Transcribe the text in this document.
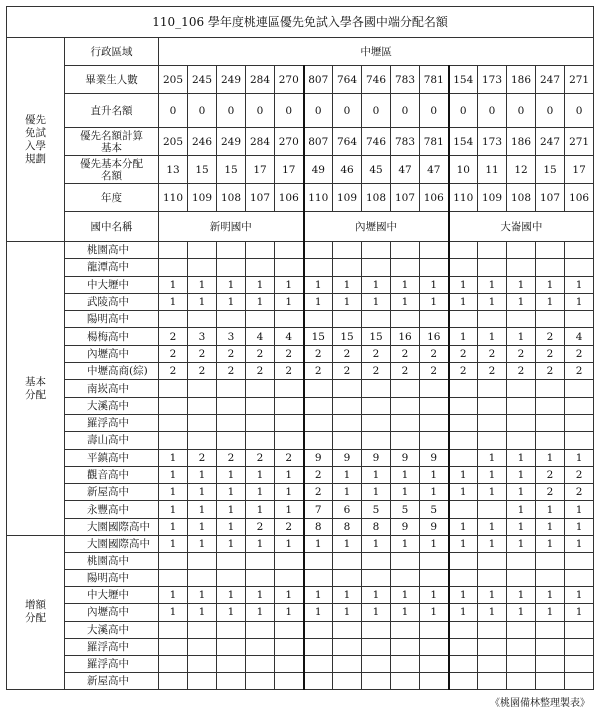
110_106 學年度桃連區優先免試入學各國中端分配名額																
優先免試入學規劃	行政區域	中壢區														
	畢業生人數	205	245	249	284	270	807	764	746	783	781	154	173	186	247	271
	直升名額	0	0	0	0	0	0	0	0	0	0	0	0	0	0	0
	優先名額計算基本	205	246	249	284	270	807	764	746	783	781	154	173	186	247	271
	優先基本分配名額	13	15	15	17	17	49	46	45	47	47	10	11	12	15	17
	年度	110	109	108	107	106	110	109	108	107	106	110	109	108	107	106
	國中名稱	新明國中					內壢國中					大崙國中				
基本分配	桃園高中															
	龍潭高中															
	中大壢中	1	1	1	1	1	1	1	1	1	1	1	1	1	1	1
	武陵高中	1	1	1	1	1	1	1	1	1	1	1	1	1	1	1
	陽明高中															
	楊梅高中	2	3	3	4	4	15	15	15	16	16	1	1	1	2	4
	內壢高中	2	2	2	2	2	2	2	2	2	2	2	2	2	2	2
	中壢高商(綜)	2	2	2	2	2	2	2	2	2	2	2	2	2	2	2
	南崁高中															
	大溪高中															
	羅浮高中															
	壽山高中															
	平鎮高中	1	2	2	2	2	9	9	9	9	9		1	1	1	1
	觀音高中	1	1	1	1	1	2	1	1	1	1	1	1	1	2	2
	新屋高中	1	1	1	1	1	2	1	1	1	1	1	1	1	2	2
	永豐高中	1	1	1	1	1	7	6	5	5	5			1	1	1
	大園國際高中	1	1	1	2	2	8	8	8	9	9	1	1	1	1	1
增額分配	大園國際高中	1	1	1	1	1	1	1	1	1	1	1	1	1	1	1
	桃園高中															
	陽明高中															
	中大壢中	1	1	1	1	1	1	1	1	1	1	1	1	1	1	1
	內壢高中	1	1	1	1	1	1	1	1	1	1	1	1	1	1	1
	大溪高中															
	羅浮高中															
	羅浮高中															
	新屋高中															
《桃園備林整理製表》
